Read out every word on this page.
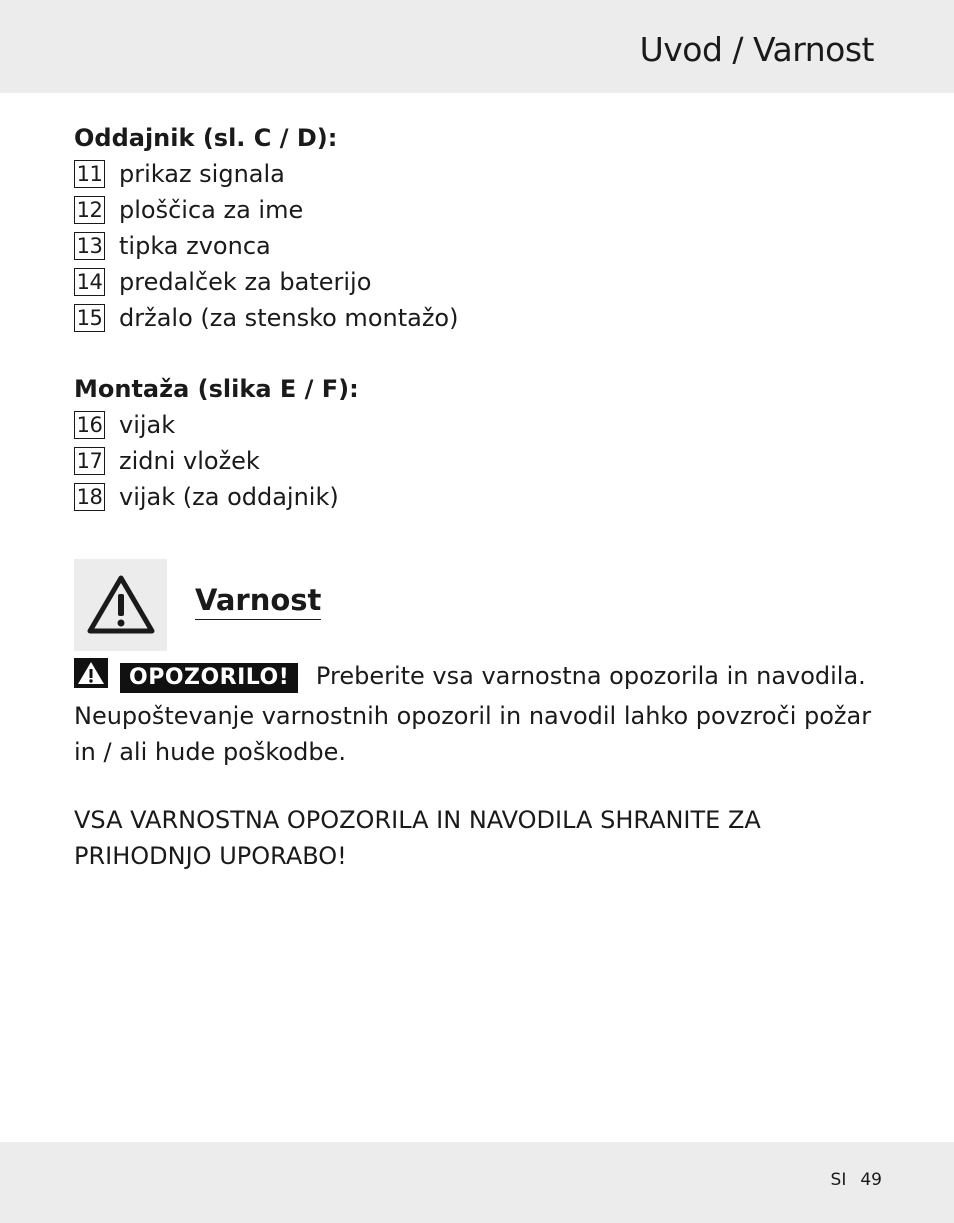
Uvod / Varnost
Oddajnik (sl. C / D):
11 prikaz signala
12 ploščica za ime
13 tipka zvonca
14 predalček za baterijo
15 držalo (za stensko montažo)
Montaža (slika E / F):
16 vijak
17 zidni vložek
18 vijak (za oddajnik)
Varnost
OPOZORILO! Preberite vsa varnostna opozorila in navodila.
Neupoštevanje varnostnih opozoril in navodil lahko povzroči požar
in / ali hude poškodbe.
VSA VARNOSTNA OPOZORILA IN NAVODILA SHRANITE ZA
PRIHODNJO UPORABO!
SI 49
